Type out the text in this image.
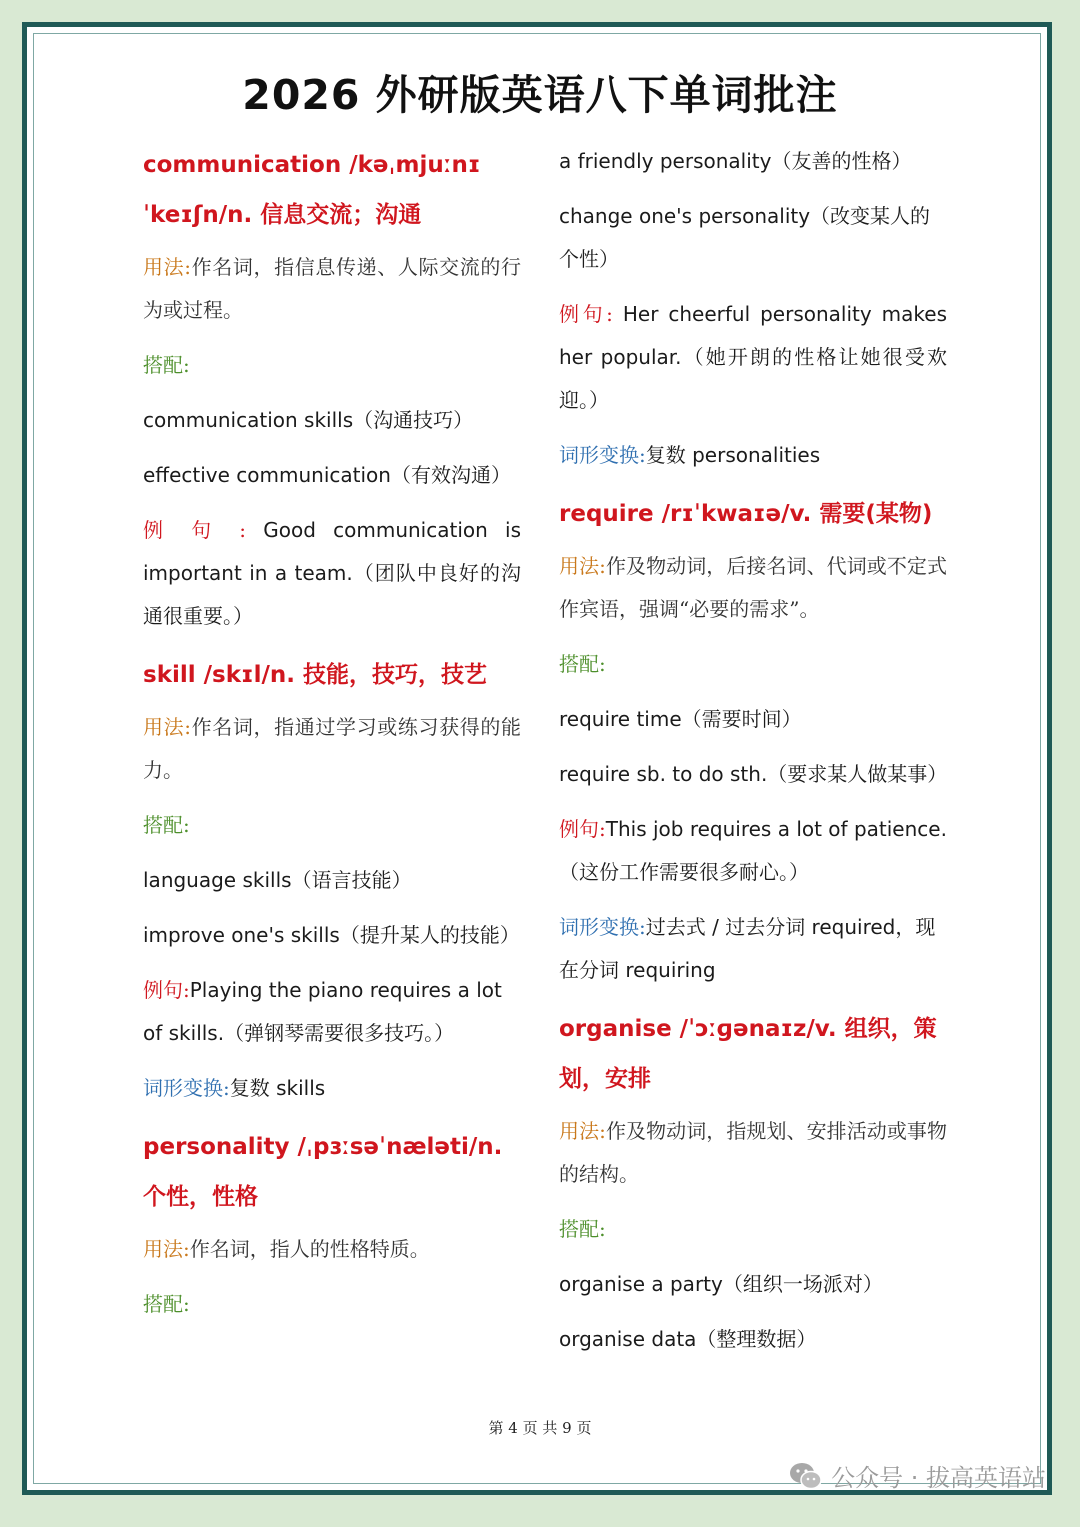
2026 外研版英语八下单词批注

communication /kəˌmjuːnɪˈkeɪʃn/n. 信息交流；沟通

用法:作名词，指信息传递、人际交流的行为或过程。

搭配:

communication skills（沟通技巧）

effective communication（有效沟通）

例 句 : Good communication is important in a team.（团队中良好的沟通很重要。）

skill /skɪl/n. 技能，技巧，技艺

用法:作名词，指通过学习或练习获得的能力。

搭配:

language skills（语言技能）

improve one's skills（提升某人的技能）

例句:Playing the piano requires a lot of skills.（弹钢琴需要很多技巧。）

词形变换:复数 skills

personality /ˌpɜːsəˈnæləti/n. 个性，性格

用法:作名词，指人的性格特质。

搭配:

a friendly personality（友善的性格）

change one's personality（改变某人的个性）

例句: Her cheerful personality makes her popular.（她开朗的性格让她很受欢迎。）

词形变换:复数 personalities

require /rɪˈkwaɪə/v. 需要(某物)

用法:作及物动词，后接名词、代词或不定式作宾语，强调“必要的需求”。

搭配:

require time（需要时间）

require sb. to do sth.（要求某人做某事）

例句:This job requires a lot of patience.（这份工作需要很多耐心。）

词形变换:过去式 / 过去分词 required，现在分词 requiring

organise /ˈɔːɡənaɪz/v. 组织，策划，安排

用法:作及物动词，指规划、安排活动或事物的结构。

搭配:

organise a party（组织一场派对）

organise data（整理数据）

第 4 页 共 9 页
公众号 · 拔高英语站
